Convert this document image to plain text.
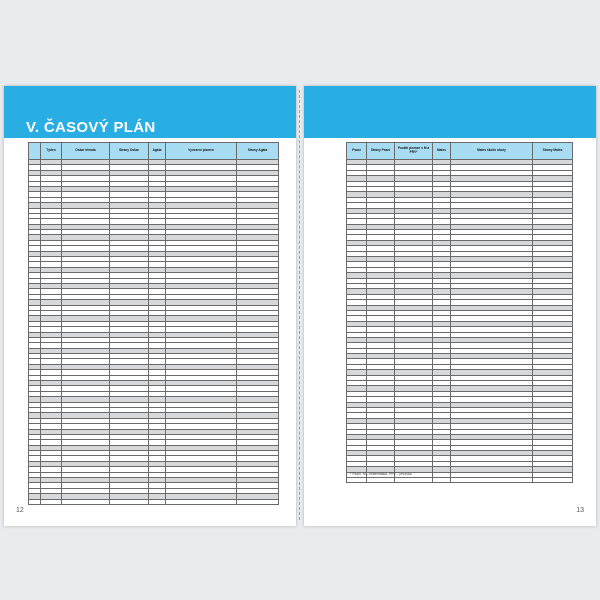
V. ČASOVÝ PLÁN
	Týden	Oskar témata	Strany Oskar	Agáta	Vyvození písmen	Strany Agáta

12
Psaní	Strany Psaní	Použití písmen v M a PRV*	Mates	Mates školní obory	Strany Mates

* Psaní, M – matematika, PRV – prvouka
13
